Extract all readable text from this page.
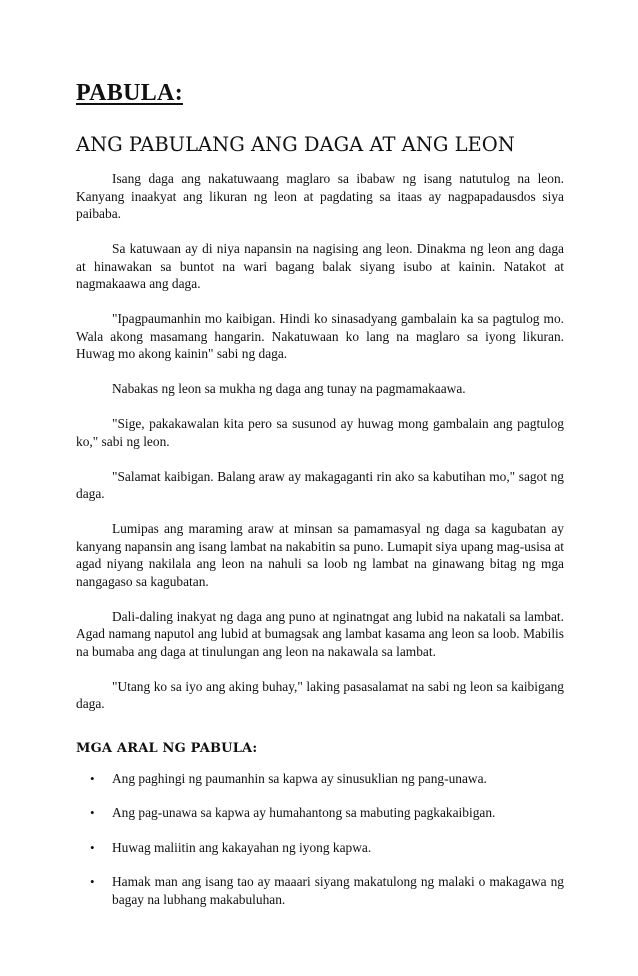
PABULA:
ANG PABULANG ANG DAGA AT ANG LEON

Isang daga ang nakatuwaang maglaro sa ibabaw ng isang natutulog na leon. Kanyang inaakyat ang likuran ng leon at pagdating sa itaas ay nagpapadausdos siya paibaba.

Sa katuwaan ay di niya napansin na nagising ang leon. Dinakma ng leon ang daga at hinawakan sa buntot na wari bagang balak siyang isubo at kainin. Natakot at nagmakaawa ang daga.

"Ipagpaumanhin mo kaibigan. Hindi ko sinasadyang gambalain ka sa pagtulog mo. Wala akong masamang hangarin. Nakatuwaan ko lang na maglaro sa iyong likuran. Huwag mo akong kainin" sabi ng daga.

Nabakas ng leon sa mukha ng daga ang tunay na pagmamakaawa.

"Sige, pakakawalan kita pero sa susunod ay huwag mong gambalain ang pagtulog ko," sabi ng leon.

"Salamat kaibigan. Balang araw ay makagaganti rin ako sa kabutihan mo," sagot ng daga.

Lumipas ang maraming araw at minsan sa pamamasyal ng daga sa kagubatan ay kanyang napansin ang isang lambat na nakabitin sa puno. Lumapit siya upang mag-usisa at agad niyang nakilala ang leon na nahuli sa loob ng lambat na ginawang bitag ng mga nangagaso sa kagubatan.

Dali-daling inakyat ng daga ang puno at nginatngat ang lubid na nakatali sa lambat. Agad namang naputol ang lubid at bumagsak ang lambat kasama ang leon sa loob. Mabilis na bumaba ang daga at tinulungan ang leon na nakawala sa lambat.

"Utang ko sa iyo ang aking buhay," laking pasasalamat na sabi ng leon sa kaibigang daga.

MGA ARAL NG PABULA:
• Ang paghingi ng paumanhin sa kapwa ay sinusuklian ng pang-unawa.
• Ang pag-unawa sa kapwa ay humahantong sa mabuting pagkakaibigan.
• Huwag maliitin ang kakayahan ng iyong kapwa.
• Hamak man ang isang tao ay maaari siyang makatulong ng malaki o makagawa ng bagay na lubhang makabuluhan.
